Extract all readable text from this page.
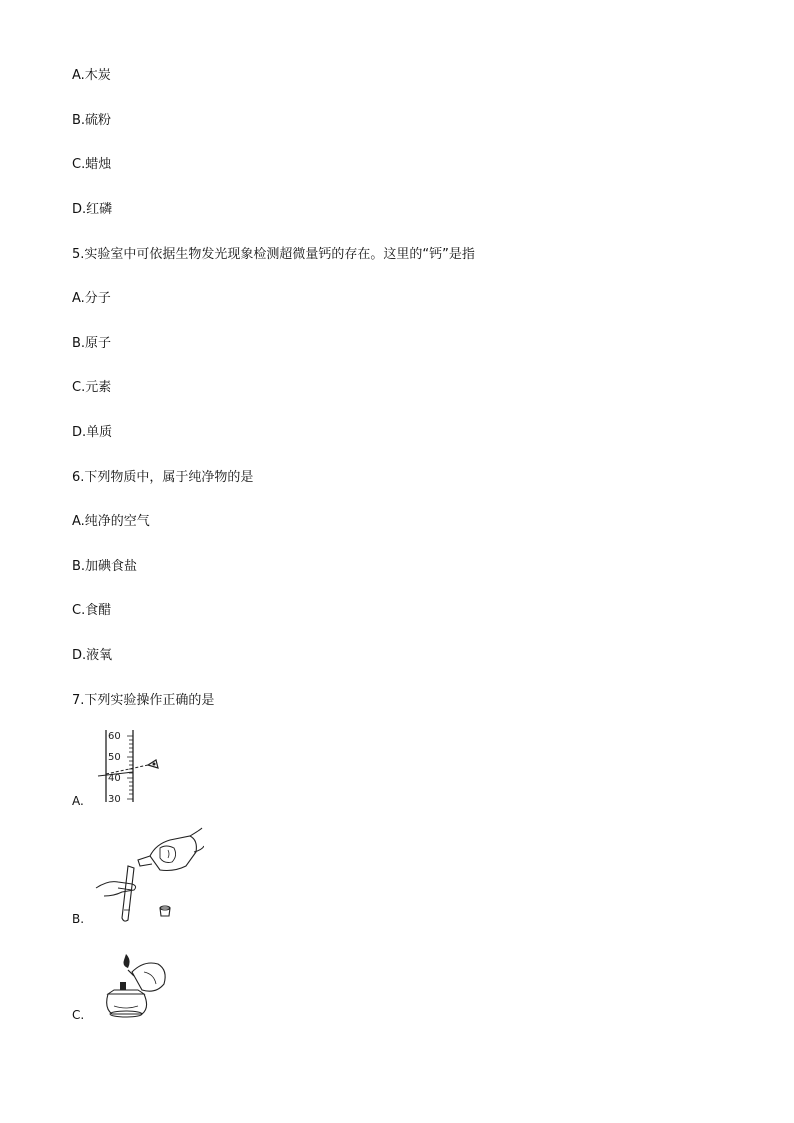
A.木炭
B.硫粉
C.蜡烛
D.红磷
5.实验室中可依据生物发光现象检测超微量钙的存在。这里的“钙”是指
A.分子
B.原子
C.元素
D.单质
6.下列物质中，属于纯净物的是
A.纯净的空气
B.加碘食盐
C.食醋
D.液氧
7.下列实验操作正确的是
A.
60
50
40
30
B.
C.
